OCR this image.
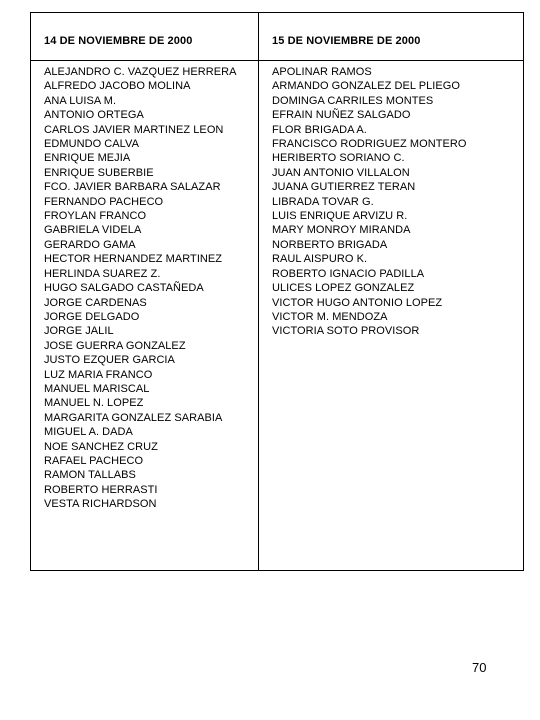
14 DE NOVIEMBRE DE 2000	15 DE NOVIEMBRE DE 2000
ALEJANDRO C. VAZQUEZ HERRERA
ALFREDO JACOBO MOLINA
ANA LUISA M.
ANTONIO ORTEGA
CARLOS JAVIER MARTINEZ LEON
EDMUNDO CALVA
ENRIQUE MEJIA
ENRIQUE SUBERBIE
FCO. JAVIER BARBARA SALAZAR
FERNANDO PACHECO
FROYLAN FRANCO
GABRIELA VIDELA
GERARDO GAMA
HECTOR HERNANDEZ MARTINEZ
HERLINDA SUAREZ Z.
HUGO SALGADO CASTAÑEDA
JORGE CARDENAS
JORGE DELGADO
JORGE JALIL
JOSE GUERRA GONZALEZ
JUSTO EZQUER GARCIA
LUZ MARIA FRANCO
MANUEL MARISCAL
MANUEL N. LOPEZ
MARGARITA GONZALEZ SARABIA
MIGUEL A. DADA
NOE SANCHEZ CRUZ
RAFAEL PACHECO
RAMON TALLABS
ROBERTO HERRASTI
VESTA RICHARDSON
APOLINAR RAMOS
ARMANDO GONZALEZ DEL PLIEGO
DOMINGA CARRILES MONTES
EFRAIN NUÑEZ SALGADO
FLOR BRIGADA A.
FRANCISCO RODRIGUEZ MONTERO
HERIBERTO SORIANO C.
JUAN ANTONIO VILLALON
JUANA GUTIERREZ TERAN
LIBRADA TOVAR G.
LUIS ENRIQUE ARVIZU R.
MARY MONROY MIRANDA
NORBERTO BRIGADA
RAUL AISPURO K.
ROBERTO IGNACIO PADILLA
ULICES LOPEZ GONZALEZ
VICTOR HUGO ANTONIO LOPEZ
VICTOR M. MENDOZA
VICTORIA SOTO PROVISOR
70
